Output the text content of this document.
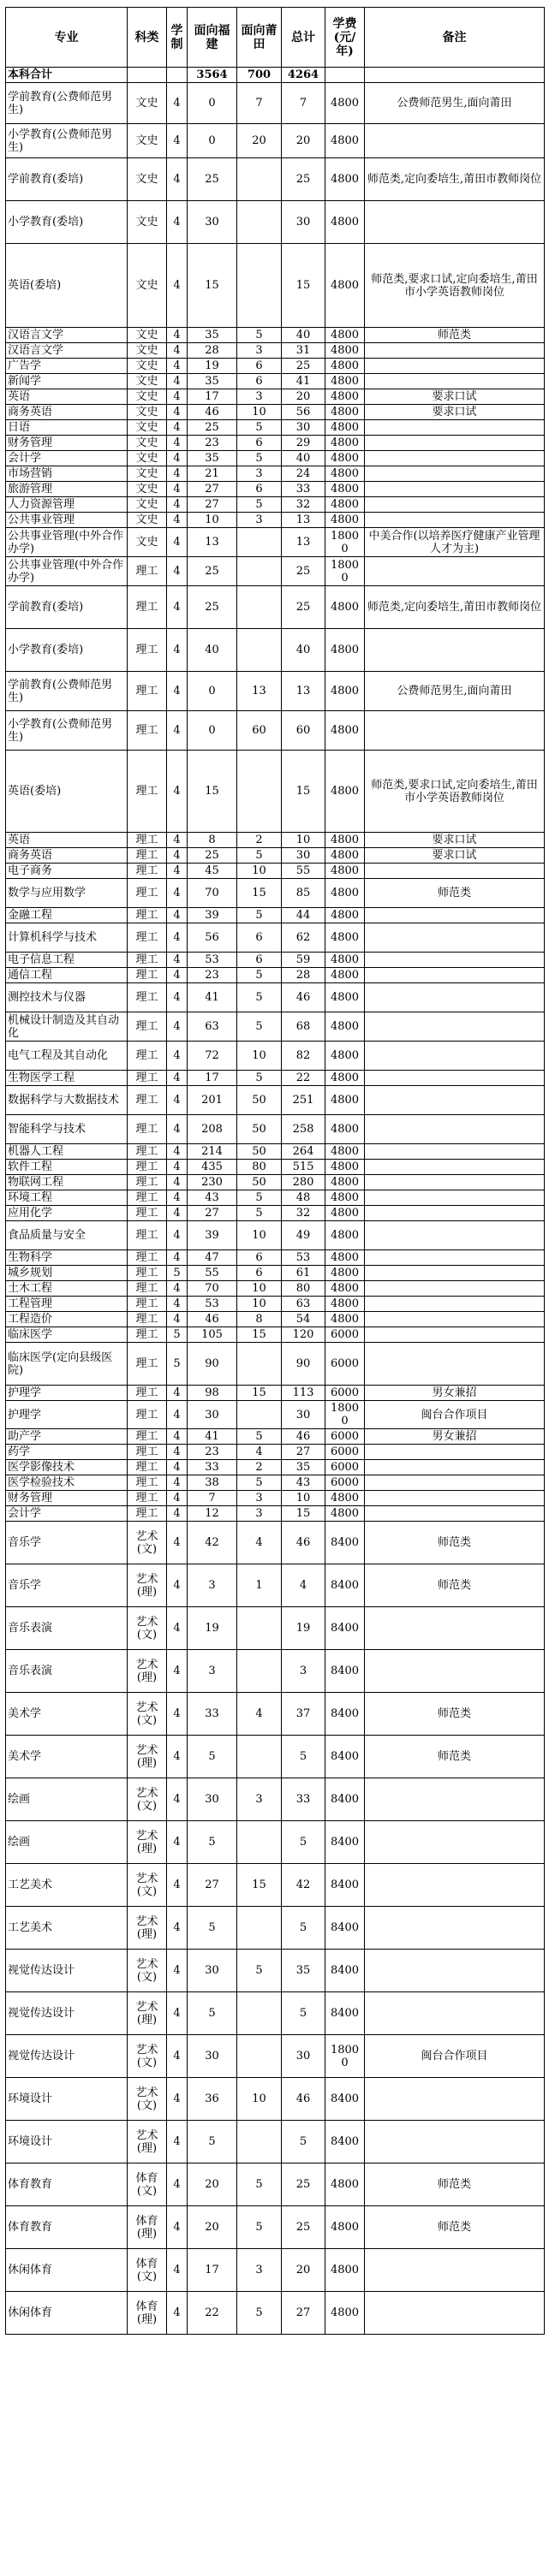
专业	科类	学制	面向福建	面向莆田	总计	学费(元/年)	备注
本科合计			3564	700	4264		
学前教育(公费师范男生)	文史	4	0	7	7	4800	公费师范男生,面向莆田
小学教育(公费师范男生)	文史	4	0	20	20	4800	
学前教育(委培)	文史	4	25		25	4800	师范类,定向委培生,莆田市教师岗位
小学教育(委培)	文史	4	30		30	4800	
英语(委培)	文史	4	15		15	4800	师范类,要求口试,定向委培生,莆田市小学英语教师岗位
汉语言文学	文史	4	35	5	40	4800	师范类
汉语言文学	文史	4	28	3	31	4800	
广告学	文史	4	19	6	25	4800	
新闻学	文史	4	35	6	41	4800	
英语	文史	4	17	3	20	4800	要求口试
商务英语	文史	4	46	10	56	4800	要求口试
日语	文史	4	25	5	30	4800	
财务管理	文史	4	23	6	29	4800	
会计学	文史	4	35	5	40	4800	
市场营销	文史	4	21	3	24	4800	
旅游管理	文史	4	27	6	33	4800	
人力资源管理	文史	4	27	5	32	4800	
公共事业管理	文史	4	10	3	13	4800	
公共事业管理(中外合作办学)	文史	4	13		13	18000	中美合作(以培养医疗健康产业管理人才为主)
公共事业管理(中外合作办学)	理工	4	25		25	18000	
学前教育(委培)	理工	4	25		25	4800	师范类,定向委培生,莆田市教师岗位
小学教育(委培)	理工	4	40		40	4800	
学前教育(公费师范男生)	理工	4	0	13	13	4800	公费师范男生,面向莆田
小学教育(公费师范男生)	理工	4	0	60	60	4800	
英语(委培)	理工	4	15		15	4800	师范类,要求口试,定向委培生,莆田市小学英语教师岗位
英语	理工	4	8	2	10	4800	要求口试
商务英语	理工	4	25	5	30	4800	要求口试
电子商务	理工	4	45	10	55	4800	
数学与应用数学	理工	4	70	15	85	4800	师范类
金融工程	理工	4	39	5	44	4800	
计算机科学与技术	理工	4	56	6	62	4800	
电子信息工程	理工	4	53	6	59	4800	
通信工程	理工	4	23	5	28	4800	
测控技术与仪器	理工	4	41	5	46	4800	
机械设计制造及其自动化	理工	4	63	5	68	4800	
电气工程及其自动化	理工	4	72	10	82	4800	
生物医学工程	理工	4	17	5	22	4800	
数据科学与大数据技术	理工	4	201	50	251	4800	
智能科学与技术	理工	4	208	50	258	4800	
机器人工程	理工	4	214	50	264	4800	
软件工程	理工	4	435	80	515	4800	
物联网工程	理工	4	230	50	280	4800	
环境工程	理工	4	43	5	48	4800	
应用化学	理工	4	27	5	32	4800	
食品质量与安全	理工	4	39	10	49	4800	
生物科学	理工	4	47	6	53	4800	
城乡规划	理工	5	55	6	61	4800	
土木工程	理工	4	70	10	80	4800	
工程管理	理工	4	53	10	63	4800	
工程造价	理工	4	46	8	54	4800	
临床医学	理工	5	105	15	120	6000	
临床医学(定向县级医院)	理工	5	90		90	6000	
护理学	理工	4	98	15	113	6000	男女兼招
护理学	理工	4	30		30	18000	闽台合作项目
助产学	理工	4	41	5	46	6000	男女兼招
药学	理工	4	23	4	27	6000	
医学影像技术	理工	4	33	2	35	6000	
医学检验技术	理工	4	38	5	43	6000	
财务管理	理工	4	7	3	10	4800	
会计学	理工	4	12	3	15	4800	
音乐学	艺术(文)	4	42	4	46	8400	师范类
音乐学	艺术(理)	4	3	1	4	8400	师范类
音乐表演	艺术(文)	4	19		19	8400	
音乐表演	艺术(理)	4	3		3	8400	
美术学	艺术(文)	4	33	4	37	8400	师范类
美术学	艺术(理)	4	5		5	8400	师范类
绘画	艺术(文)	4	30	3	33	8400	
绘画	艺术(理)	4	5		5	8400	
工艺美术	艺术(文)	4	27	15	42	8400	
工艺美术	艺术(理)	4	5		5	8400	
视觉传达设计	艺术(文)	4	30	5	35	8400	
视觉传达设计	艺术(理)	4	5		5	8400	
视觉传达设计	艺术(文)	4	30		30	18000	闽台合作项目
环境设计	艺术(文)	4	36	10	46	8400	
环境设计	艺术(理)	4	5		5	8400	
体育教育	体育(文)	4	20	5	25	4800	师范类
体育教育	体育(理)	4	20	5	25	4800	师范类
休闲体育	体育(文)	4	17	3	20	4800	
休闲体育	体育(理)	4	22	5	27	4800	
